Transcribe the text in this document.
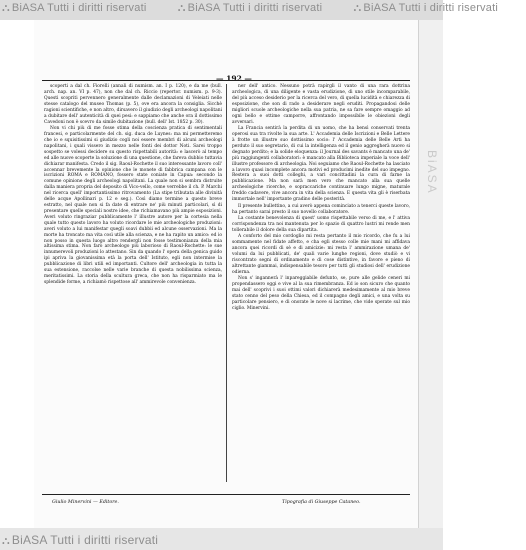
⛬ BiASA Tutti i diritti riservati	⛬ BiASA Tutti i diritti riservati	⛬ BiASA Tutti i diritti riservati
— 192 —

scoperti a dal ch. Fiorelli (annali di numism. an. I p. 120), e da me (bull. arch. nap. an. VI p. 47), non che dal ch. Riccio (repertor. numism. p. 9-3). Questi scopriti pervennero generalmente dalle declamazioni di Veleiati nelle stesse catalogo del museo Thomas (p. 5), ove era ancora la consiglia. Sicchè ragioni scientifiche, e non altro, dirsavero il giudizio degli archeologi napolitani a dubitare dell' autenticità di quei pesi: e sappiamo che anche ora il dottissimo Cavedoni non è scevro da simile dubitazione (bull. dell' Ist. 1852 p. 30).

Non vi chi più di me fosse stima della coscienza pratica di sentimentali francesi, e particolarmente del ch. sig. duca de Luynes: ma mi permetteremo che io e squisitissimi si giudizio cogli noi essere membri di alcuni archeologi napolitani, i quali vissero in mezzo nelle fonti dei dottor Noti. Sarei troppo sospetto se volessi decidere su questo rispettabili autorità: e lascerò al tempo ed alle nuove scoperte la soluzione di una questione, che fareva dubbio tuttavia dichiarar manifesta. Credo il sig. Raoul-Rochette il suo interessante lavoro coll' accennar brevemente la opinione che le monete di fabbrica campana con le iscrizioni ROMA e ROMANO, fossero state coniate in Capua: secondo la comune opinione degli archeologi napolitani. La quale non si sembra distruite dalla maniera propria del deposito di Vico-vello, come verrebbe il ch. P. Marchi nel ricerca quell' importantissimo ritrovamento (La stipe tributata alle divinità delle acque Apollinari p. 12 e seg.). Così diamo termine a questo breve estratto, nel quale non si fa date di entrare ne' più minuti particolari, sì di presentare quelle speciali nostre idee, che richiamavano più ampie esposizioni. Averi voluto ringraziar pubblicamente l' illustre autore per la cortesia nella quale tutto questo lavoro ha voluto ricordare le mie archeologiche produzioni: averi voluto a lui manifestar quegli soavi dubbii ed alcune osservazioni. Ma la morte ha troncato ma vita così utile alla scienza, e ne ha rapito un amico: ed io non posso in questa luogo altro rendergli non fosse testimonianza della mia altissima stima. Non farò archeologo più laborioso di Raoul-Rochette: le sue innumerevoli produzioni lo attestano. Sin da quando l' opera della genica guido ipi apriva la giovanissima età la porta dell' Istituto, egli non intermise la pubblicazione di libri utili ed importanti. Cultore dell' archeologia in tutta la sua estensione, raccolse nelle varie branche di questa nobilissima scienza, meritatissimi. La storia della scultura greca, che non ha risparmiato ma le splendide forme, a richiamò rispettose all' ammirevole convenienza.

ner dell' antico. Nessuno potrà rapirgli il vanto di una rara dottrina archeologica, di una diligente e vasta erudizione, di uno stile incomparabile, del più acceso desiderio per la ricerca del vero, di quella lucidità e chiarezza di esposizione, che son di rado a desiderare negli eruditi. Propagandosi delle migliori scuole archeologiche nella sua patria, ne sa fare sempre omaggio ad ogni bello e ottime camporre, affrontando impossibile le obiezioni degli avversari.

La Francia sentirà la perdita di un uomo, che ha bensì conservati trenta operosi sua tra rivolte la sua arte. L' Accademia delle Iscrizioni e Belle Lettere à frotte un illustre suo dottissimo socio: l' Accademia delle Belle Arti ha perduto il suo segretario, di cui la intelligenza ed il genio aggregherà nuovo si degnato perdito; e la solide eloquenza: il Journal des savants è mancato una de' più raggiungenti collaboratori: è mancato alla Biblioteca imperiale la voce dell' illustre professore di archeologia. Noi seguiamo che Raoul-Rochette ha lasciato a lavoro quasi incomplete ancora motivi ed producimi inedite del suo impegno. Restera a suoi dotti colleghi, a vari concittadini la cura di farne la pubblicazione. Ma non sarà men vero che mancato alla sua quelle archeologiche ricerche, e sopraccariche continuare lungo migne, maturale freddo cadavere, vive ancora in vita della scienza. E questa vita gli è riserbata immortale nell' importante gradino delle posterità.

Il presente bullettino, a cui averò appena cominciato a tenerci queste lavoro, ha pertanto sarai presto il suo novello collaboratore.

La costante benevolenza di quest' uomo rispettabile verso di me, e l' attiva corrispondenza tra noi mantenuta per lo spazio di quattro lustri mi rende men tollerabile il dolore della sua dipartita.

A conforto del mio cordoglio mi resta pertanto il mio ricordo, che fu a lui sommamente nel fidate affetto, e cha egli stesso colle mie mani mi affidava ancora quei ricordi di sè e di amicizie: mi resta l' ammirazione umana de' volumi da lui pubblicati, de' quali varie lunghe regioni, dove studiò e vi riscontrato segni di ordinamento e di cose distintive, in favore e pieno di altrettante giammai, indispensabile tesoro per tutti gli studiosi dell' erudizione odierna.

Non s' ingannerà l' inpareggiabile defunto, se, pure alle gelide ceneri mi propendassero oggi e vive al la sua rimembranza. Ed io son sicuro che quanto mai dell' scoprivi i suoi ottimi valori dichiarerà medesimamente al mio breve stato cenno del peso della Chiesa, ed il compagno degli amici, e una volta su particolare pensiero, e di onorate le nove si lacrime, che vide sperate sul mio ciglio. Minervini.

Giulio Minervini — Editore.	Tipografia di Giuseppe Cataneo.
BiASA
⛬ BiASA Tutti i diritti riservati
